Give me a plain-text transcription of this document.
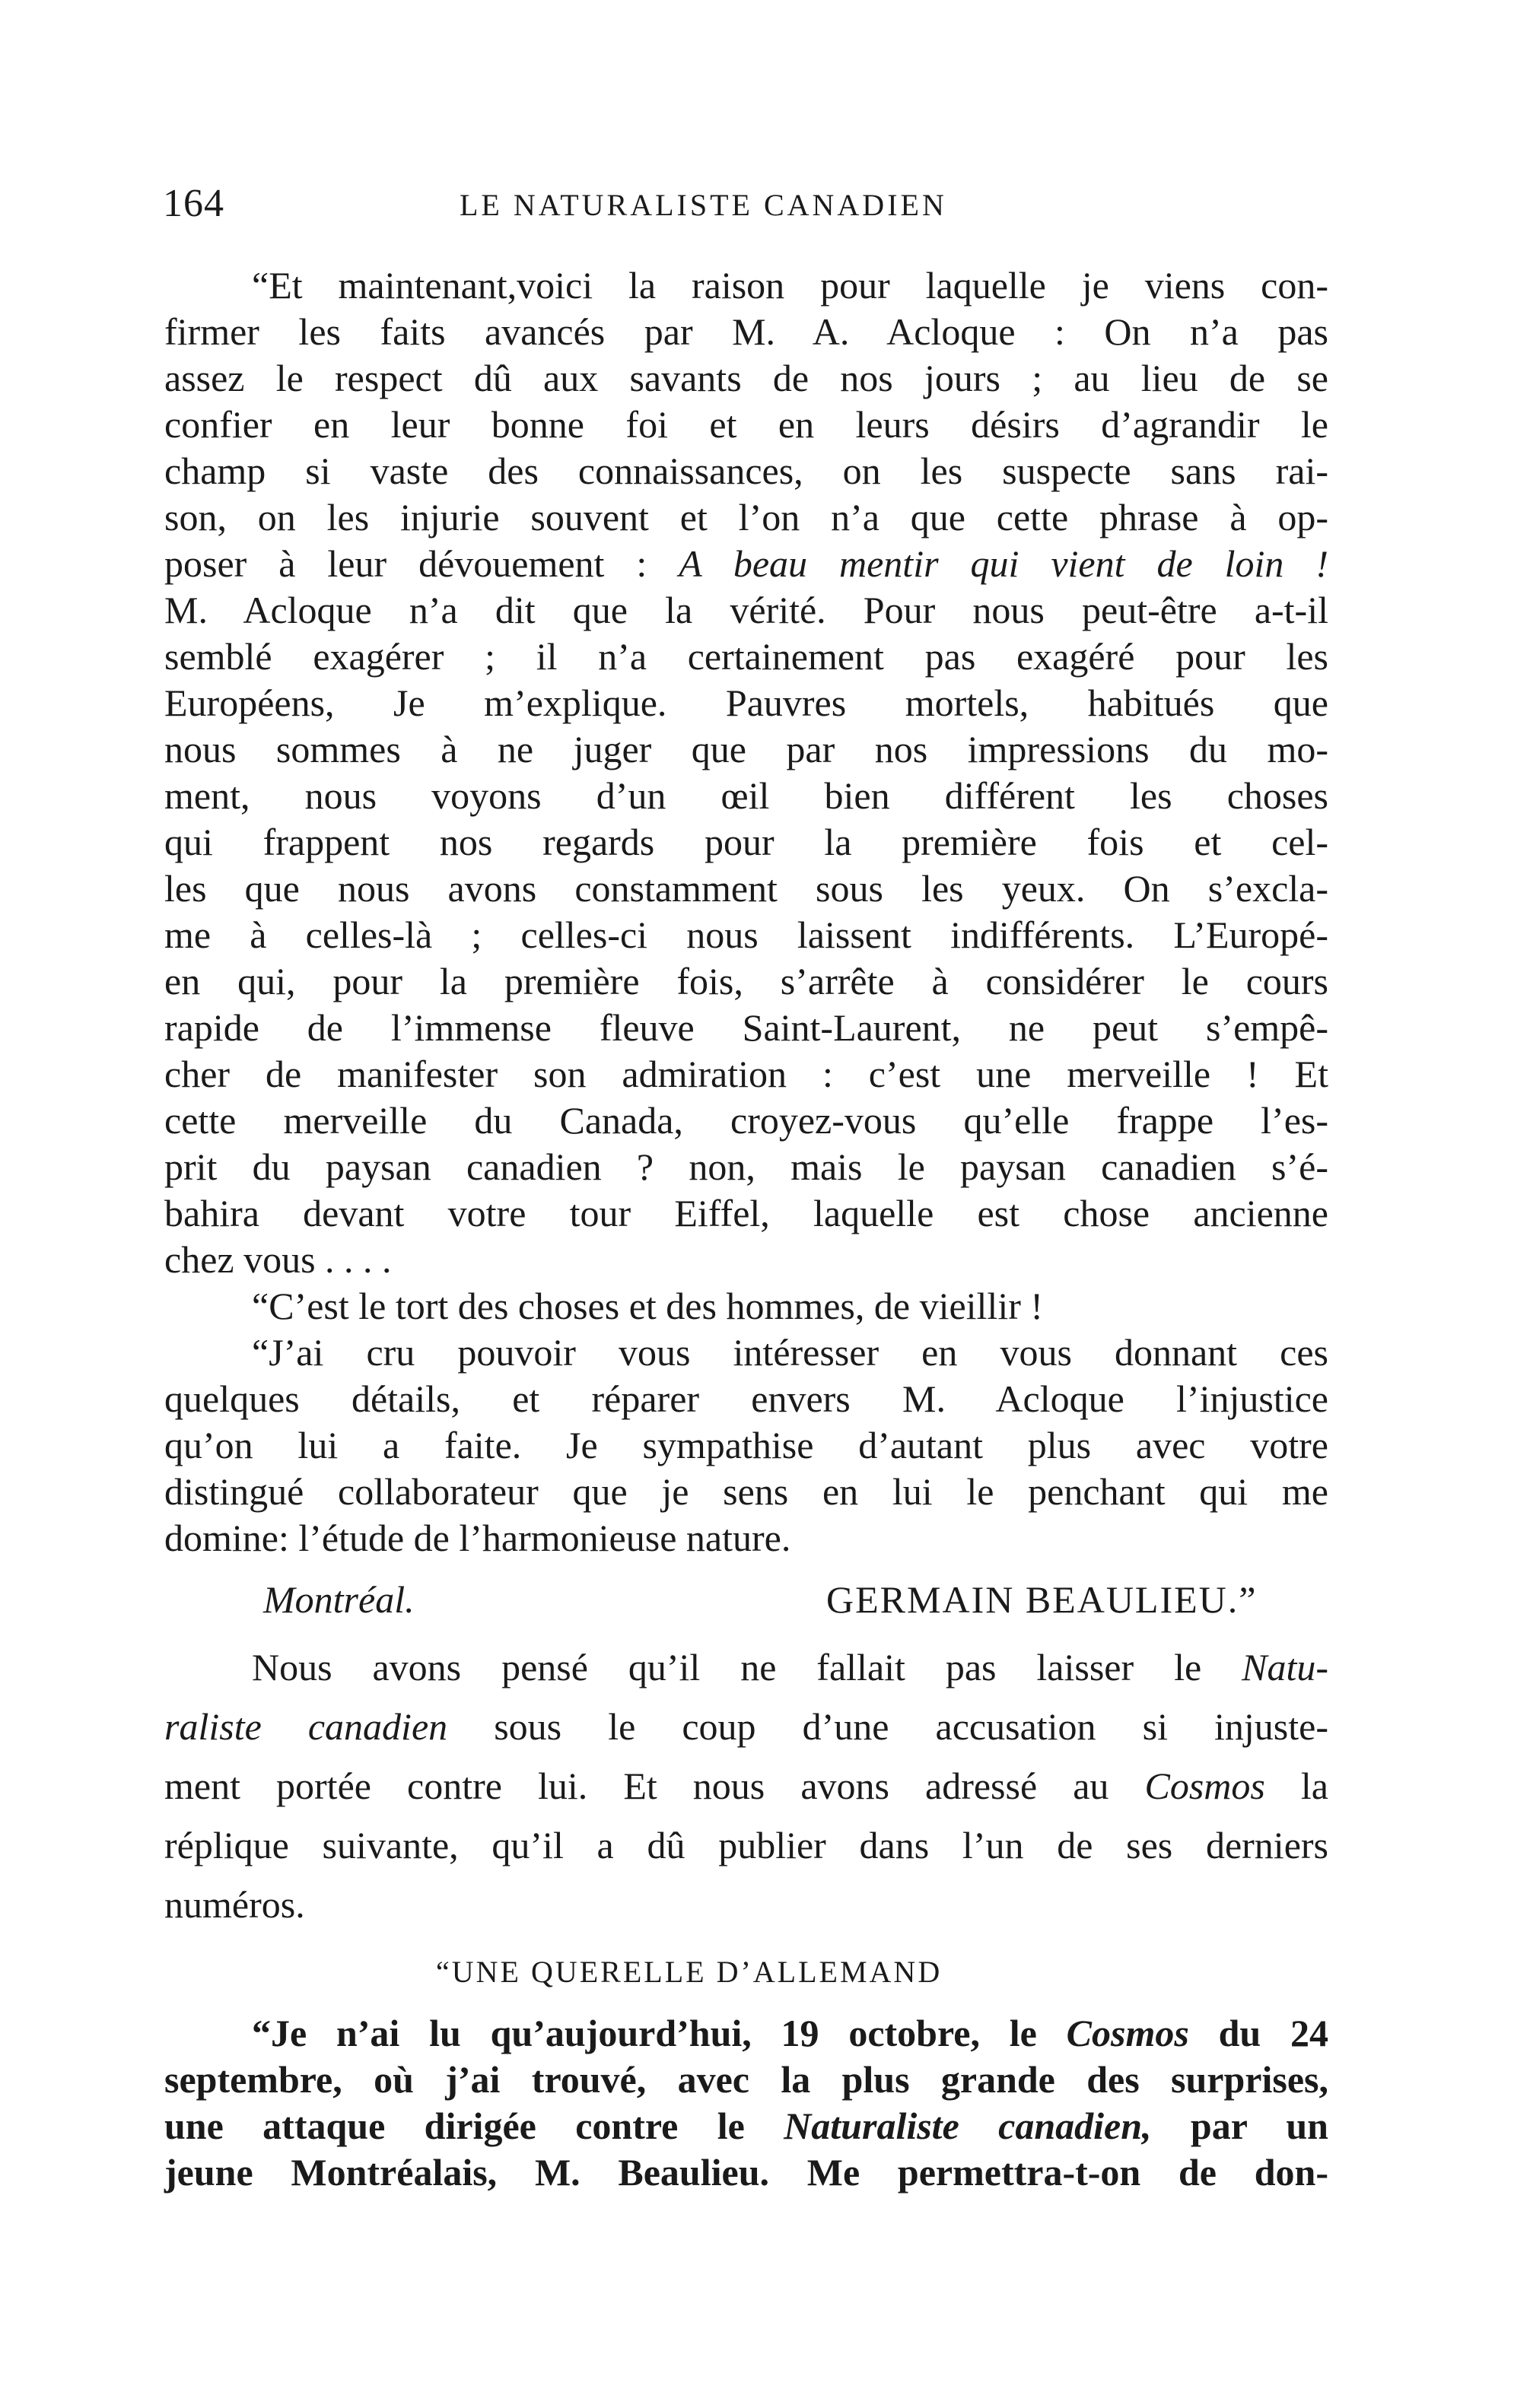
164	LE NATURALISTE CANADIEN
“Et maintenant,voici la raison pour laquelle je viens con-
firmer les faits avancés par M. A. Acloque : On n’a pas
assez le respect dû aux savants de nos jours ; au lieu de se
confier en leur bonne foi et en leurs désirs d’agrandir le
champ si vaste des connaissances, on les suspecte sans rai-
son, on les injurie souvent et l’on n’a que cette phrase à op-
poser à leur dévouement : A beau mentir qui vient de loin !
M. Acloque n’a dit que la vérité. Pour nous peut-être a-t-il
semblé exagérer ; il n’a certainement pas exagéré pour les
Européens, Je m’explique. Pauvres mortels, habitués que
nous sommes à ne juger que par nos impressions du mo-
ment, nous voyons d’un œil bien différent les choses
qui frappent nos regards pour la première fois et cel-
les que nous avons constamment sous les yeux. On s’excla-
me à celles-là ; celles-ci nous laissent indifférents. L’Europé-
en qui, pour la première fois, s’arrête à considérer le cours
rapide de l’immense fleuve Saint-Laurent, ne peut s’empê-
cher de manifester son admiration : c’est une merveille ! Et
cette merveille du Canada, croyez-vous qu’elle frappe l’es-
prit du paysan canadien ? non, mais le paysan canadien s’é-
bahira devant votre tour Eiffel, laquelle est chose ancienne
chez vous . . . .
“C’est le tort des choses et des hommes, de vieillir !
“J’ai cru pouvoir vous intéresser en vous donnant ces
quelques détails, et réparer envers M. Acloque l’injustice
qu’on lui a faite. Je sympathise d’autant plus avec votre
distingué collaborateur que je sens en lui le penchant qui me
domine: l’étude de l’harmonieuse nature.
Montréal.	GERMAIN BEAULIEU.”
Nous avons pensé qu’il ne fallait pas laisser le Natu-
raliste canadien sous le coup d’une accusation si injuste-
ment portée contre lui. Et nous avons adressé au Cosmos la
réplique suivante, qu’il a dû publier dans l’un de ses derniers
numéros.
“UNE QUERELLE D’ALLEMAND
“Je n’ai lu qu’aujourd’hui, 19 octobre, le Cosmos du 24
septembre, où j’ai trouvé, avec la plus grande des surprises,
une attaque dirigée contre le Naturaliste canadien, par un
jeune Montréalais, M. Beaulieu. Me permettra-t-on de don-
